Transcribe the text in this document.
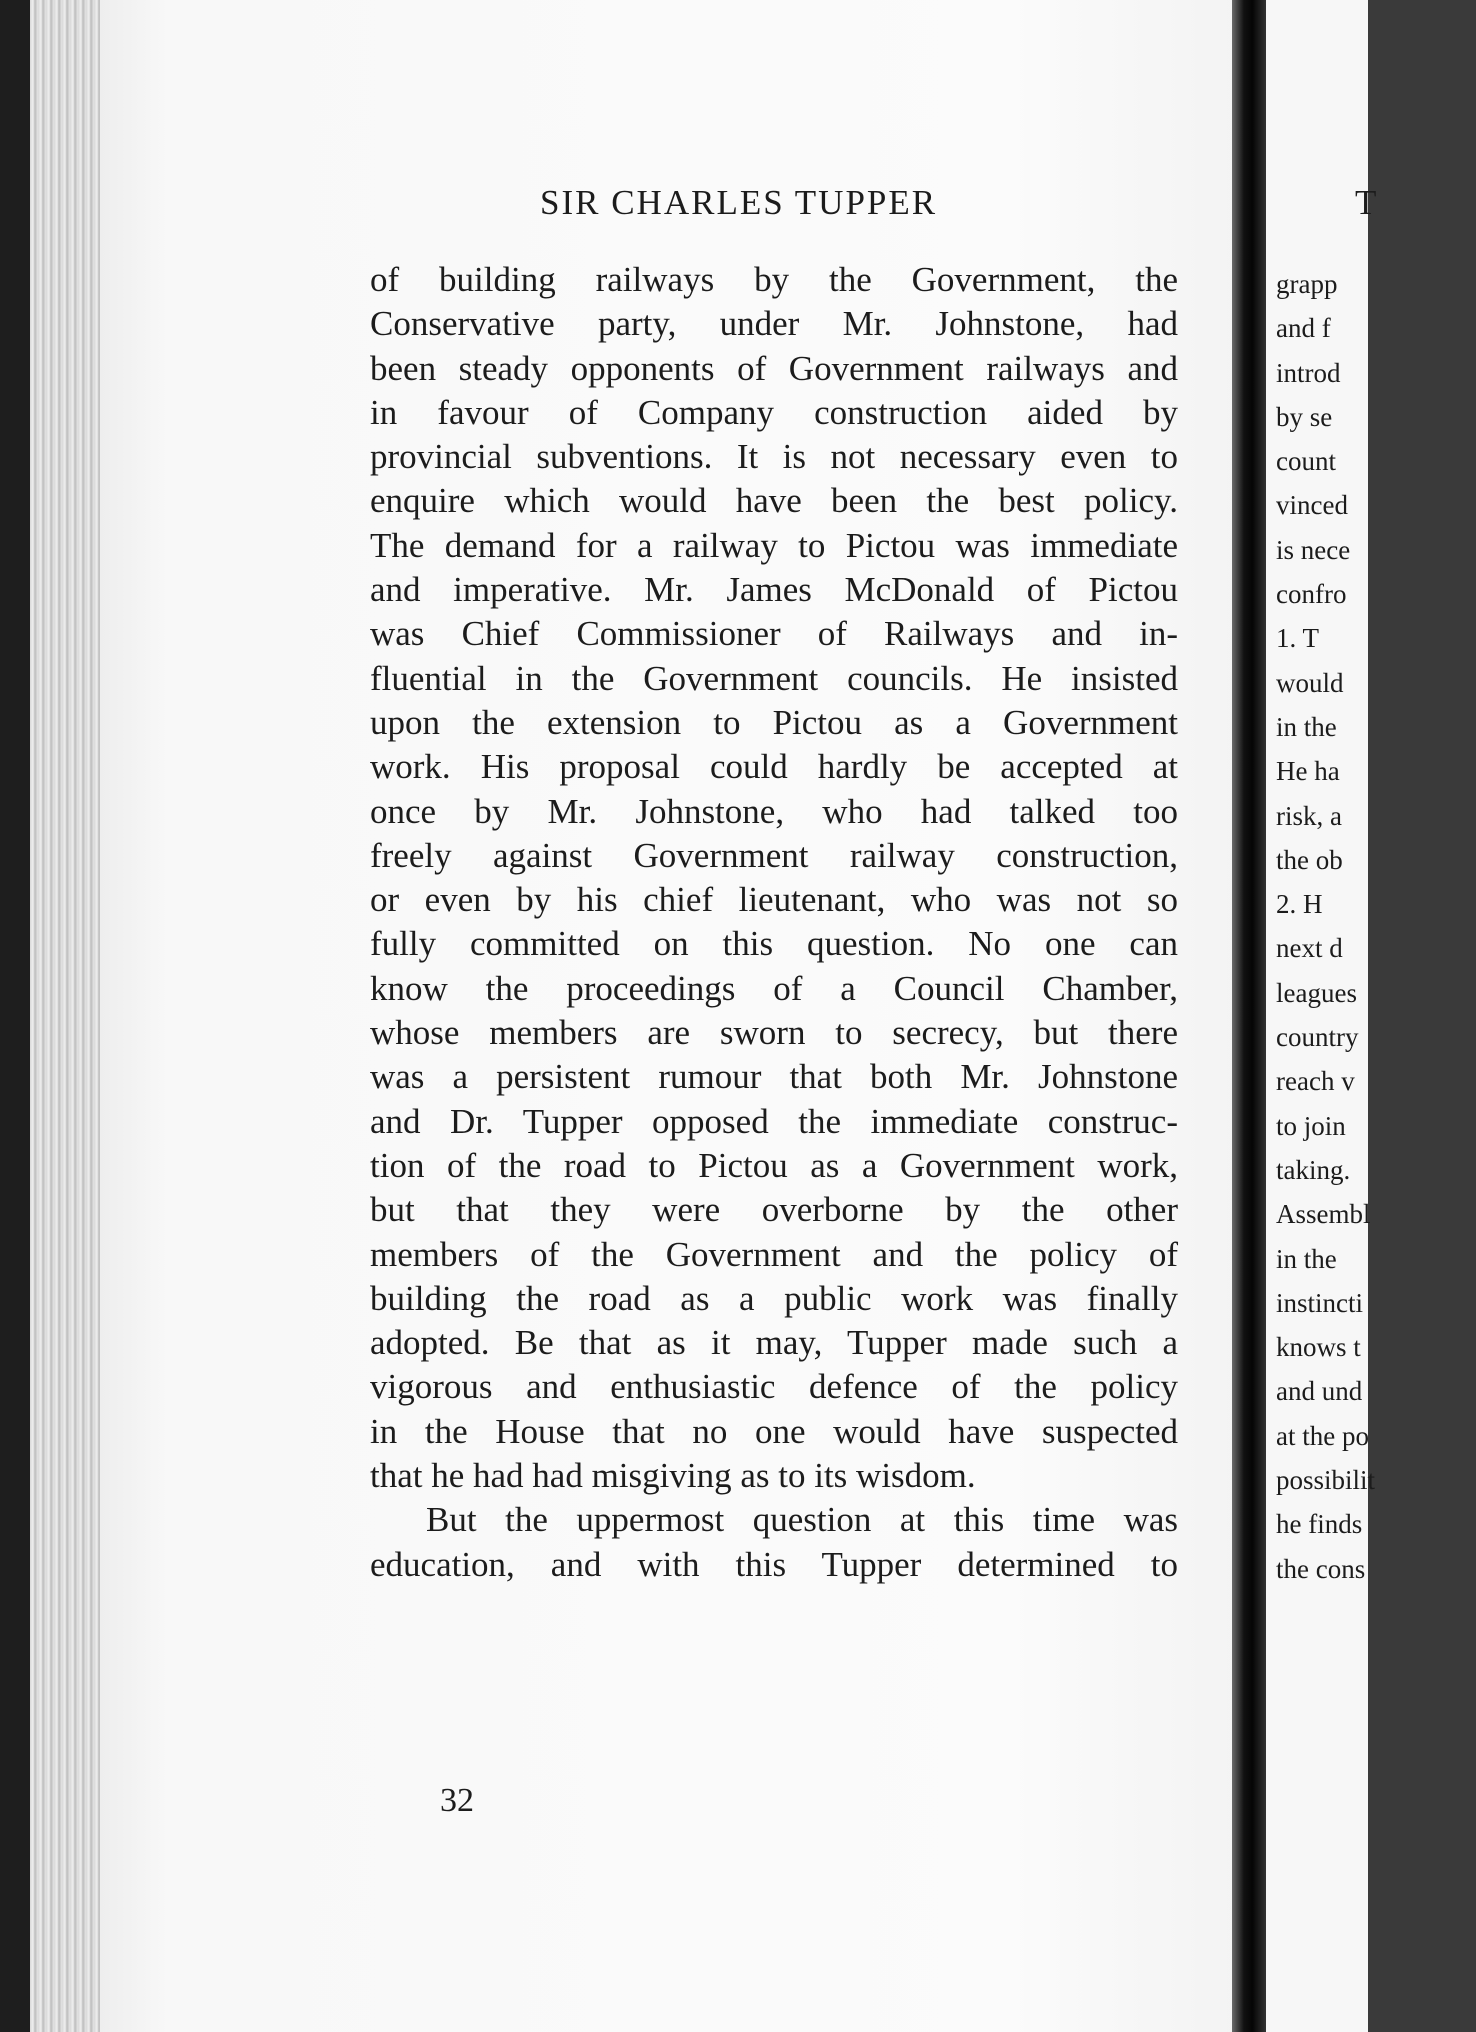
SIR CHARLES TUPPER
of building railways by the Government, the
Conservative party, under Mr. Johnstone, had
been steady opponents of Government railways and
in favour of Company construction aided by
provincial subventions. It is not necessary even to
enquire which would have been the best policy.
The demand for a railway to Pictou was immediate
and imperative. Mr. James McDonald of Pictou
was Chief Commissioner of Railways and in-
fluential in the Government councils. He insisted
upon the extension to Pictou as a Government
work. His proposal could hardly be accepted at
once by Mr. Johnstone, who had talked too
freely against Government railway construction,
or even by his chief lieutenant, who was not so
fully committed on this question. No one can
know the proceedings of a Council Chamber,
whose members are sworn to secrecy, but there
was a persistent rumour that both Mr. Johnstone
and Dr. Tupper opposed the immediate construc-
tion of the road to Pictou as a Government work,
but that they were overborne by the other
members of the Government and the policy of
building the road as a public work was finally
adopted. Be that as it may, Tupper made such a
vigorous and enthusiastic defence of the policy
in the House that no one would have suspected
that he had had misgiving as to its wisdom.
But the uppermost question at this time was
education, and with this Tupper determined to
32
T
grapp
and f
introd
by se
count
vinced
is nece
confro
1. T
would
in the
He ha
risk, a
the ob
2. H
next d
leagues
country
reach v
to join
taking.
Assembl
in the
instincti
knows t
and und
at the po
possibilit
he finds
the cons
